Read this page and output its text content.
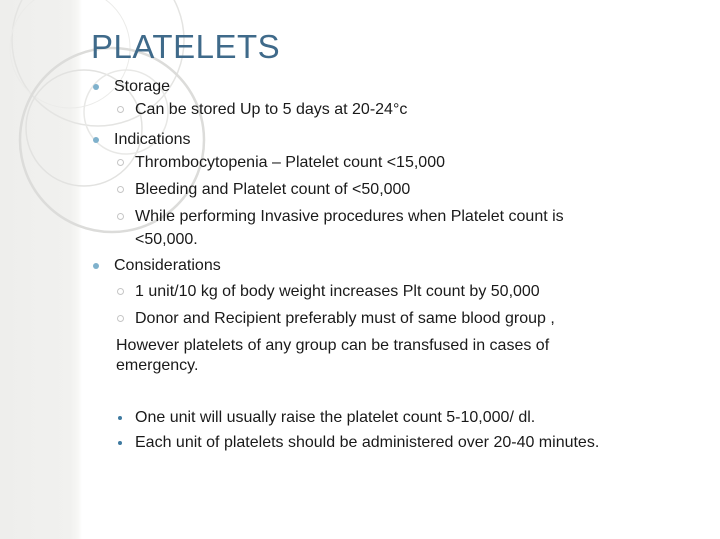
PLATELETS
Storage
Can be stored Up to 5 days at 20-24°c
Indications
Thrombocytopenia – Platelet count <15,000
Bleeding and Platelet count of <50,000
While performing Invasive procedures when Platelet count is
<50,000.
Considerations
1 unit/10 kg of body weight increases Plt count by 50,000
Donor and Recipient preferably must of same blood group ,
However platelets of any group can be transfused in cases of
emergency.
One unit will usually raise the platelet count 5-10,000/ dl.
Each unit of platelets should be administered over 20-40 minutes.
